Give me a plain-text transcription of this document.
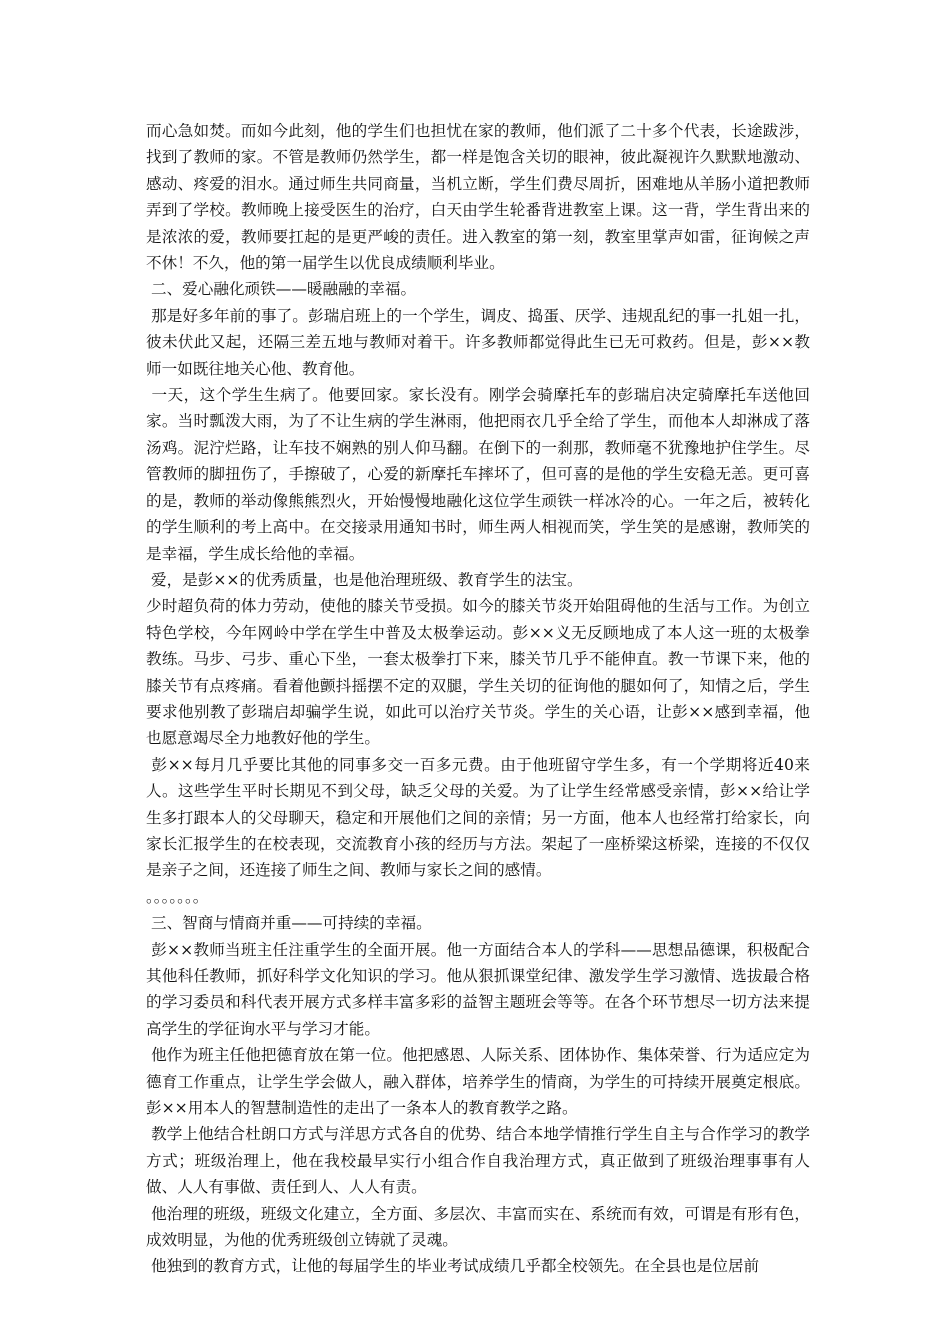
而心急如焚。而如今此刻，他的学生们也担忧在家的教师，他们派了二十多个代表，长途跋涉，找到了教师的家。不管是教师仍然学生，都一样是饱含关切的眼神，彼此凝视许久默默地激动、感动、疼爱的泪水。通过师生共同商量，当机立断，学生们费尽周折，困难地从羊肠小道把教师弄到了学校。教师晚上接受医生的治疗，白天由学生轮番背进教室上课。这一背，学生背出来的是浓浓的爱，教师要扛起的是更严峻的责任。进入教室的第一刻，教室里掌声如雷，征询候之声不休！不久，他的第一届学生以优良成绩顺利毕业。

二、爱心融化顽铁——暖融融的幸福。

那是好多年前的事了。彭瑞启班上的一个学生，调皮、捣蛋、厌学、违规乱纪的事一扎姐一扎，彼未伏此又起，还隔三差五地与教师对着干。许多教师都觉得此生已无可救药。但是，彭××教师一如既往地关心他、教育他。

一天，这个学生生病了。他要回家。家长没有。刚学会骑摩托车的彭瑞启决定骑摩托车送他回家。当时瓢泼大雨，为了不让生病的学生淋雨，他把雨衣几乎全给了学生，而他本人却淋成了落汤鸡。泥泞烂路，让车技不娴熟的别人仰马翻。在倒下的一刹那，教师毫不犹豫地护住学生。尽管教师的脚扭伤了，手擦破了，心爱的新摩托车摔坏了，但可喜的是他的学生安稳无恙。更可喜的是，教师的举动像熊熊烈火，开始慢慢地融化这位学生顽铁一样冰冷的心。一年之后，被转化的学生顺利的考上高中。在交接录用通知书时，师生两人相视而笑，学生笑的是感谢，教师笑的是幸福，学生成长给他的幸福。

爱，是彭××的优秀质量，也是他治理班级、教育学生的法宝。

少时超负荷的体力劳动，使他的膝关节受损。如今的膝关节炎开始阻碍他的生活与工作。为创立特色学校，今年网岭中学在学生中普及太极拳运动。彭××义无反顾地成了本人这一班的太极拳教练。马步、弓步、重心下坐，一套太极拳打下来，膝关节几乎不能伸直。教一节课下来，他的膝关节有点疼痛。看着他颤抖摇摆不定的双腿，学生关切的征询他的腿如何了，知情之后，学生要求他别教了彭瑞启却骗学生说，如此可以治疗关节炎。学生的关心语，让彭××感到幸福，他也愿意竭尽全力地教好他的学生。

彭××每月几乎要比其他的同事多交一百多元费。由于他班留守学生多，有一个学期将近40来人。这些学生平时长期见不到父母，缺乏父母的关爱。为了让学生经常感受亲情，彭××给让学生多打跟本人的父母聊天，稳定和开展他们之间的亲情；另一方面，他本人也经常打给家长，向家长汇报学生的在校表现，交流教育小孩的经历与方法。架起了一座桥梁这桥梁，连接的不仅仅是亲子之间，还连接了师生之间、教师与家长之间的感情。

。。。。。。。

三、智商与情商并重——可持续的幸福。

彭××教师当班主任注重学生的全面开展。他一方面结合本人的学科——思想品德课，积极配合其他科任教师，抓好科学文化知识的学习。他从狠抓课堂纪律、激发学生学习激情、选拔最合格的学习委员和科代表开展方式多样丰富多彩的益智主题班会等等。在各个环节想尽一切方法来提高学生的学征询水平与学习才能。

他作为班主任他把德育放在第一位。他把感恩、人际关系、团体协作、集体荣誉、行为适应定为德育工作重点，让学生学会做人，融入群体，培养学生的情商，为学生的可持续开展奠定根底。彭××用本人的智慧制造性的走出了一条本人的教育教学之路。

教学上他结合杜朗口方式与洋思方式各自的优势、结合本地学情推行学生自主与合作学习的教学方式；班级治理上，他在我校最早实行小组合作自我治理方式，真正做到了班级治理事事有人做、人人有事做、责任到人、人人有责。

他治理的班级，班级文化建立，全方面、多层次、丰富而实在、系统而有效，可谓是有形有色，成效明显，为他的优秀班级创立铸就了灵魂。

他独到的教育方式，让他的每届学生的毕业考试成绩几乎都全校领先。在全县也是位居前
